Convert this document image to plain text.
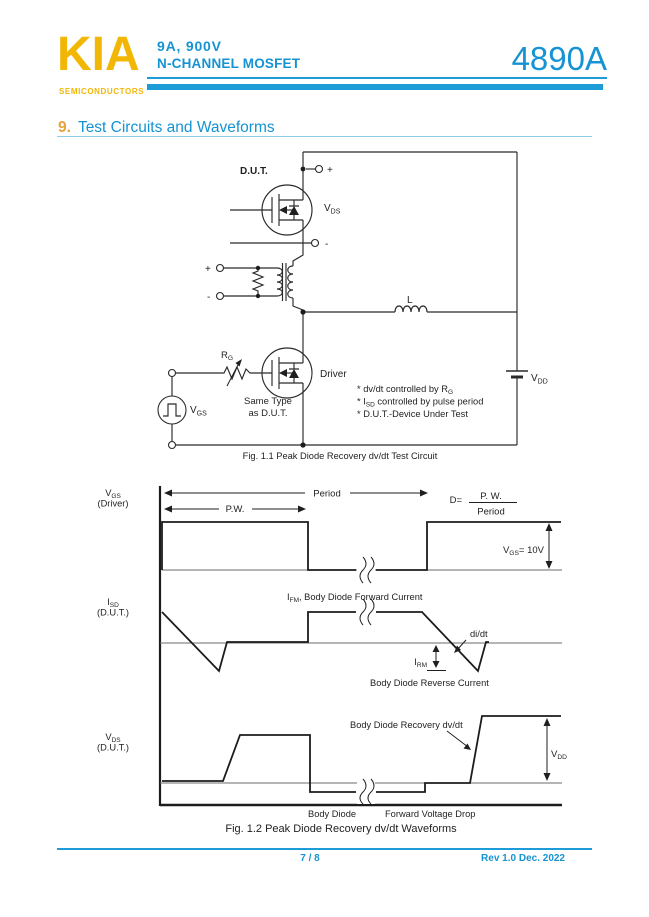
KIA
SEMICONDUCTORS
9A, 900V
N-CHANNEL MOSFET	4890A
9. Test Circuits and Waveforms
D.U.T.	+
-
$V_{DS}$
+
-	L
Driver
Same Type
as D.U.T.
$R_G$
$V_{GS}$
$V_{DD}$
* dv/dt controlled by $R_G$
* $I_{SD}$ controlled by pulse period
* D.U.T.-Device Under Test
Fig. 1.1 Peak Diode Recovery dv/dt Test Circuit
$V_{GS}$
(Driver)
$I_{SD}$
(D.U.T.)
$V_{DS}$
(D.U.T.)
P.W.
Period
D= P. W.
Period
$V_{GS}= 10V$
$I_{FM}$, Body Diode Forward Current
di/dt
$I_{RM}$
Body Diode Reverse Current
Body Diode Recovery dv/dt
$V_{DD}$
Body Diode	Forward Voltage Drop
Fig. 1.2 Peak Diode Recovery dv/dt Waveforms
7 / 8	Rev 1.0 Dec. 2022
